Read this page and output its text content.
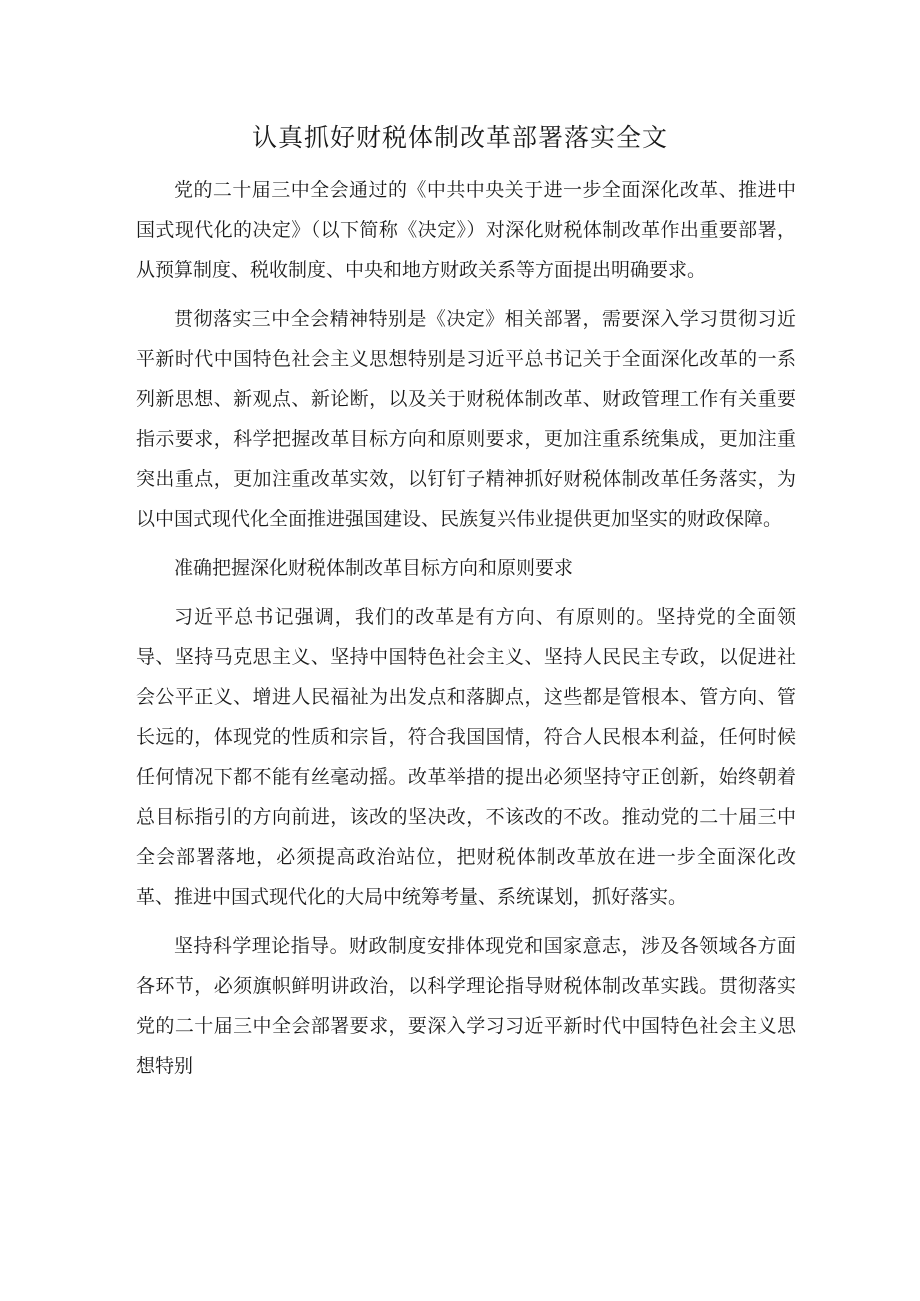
认真抓好财税体制改革部署落实全文

党的二十届三中全会通过的《中共中央关于进一步全面深化改革、推进中国式现代化的决定》（以下简称《决定》）对深化财税体制改革作出重要部署，从预算制度、税收制度、中央和地方财政关系等方面提出明确要求。

贯彻落实三中全会精神特别是《决定》相关部署，需要深入学习贯彻习近平新时代中国特色社会主义思想特别是习近平总书记关于全面深化改革的一系列新思想、新观点、新论断，以及关于财税体制改革、财政管理工作有关重要指示要求，科学把握改革目标方向和原则要求，更加注重系统集成，更加注重突出重点，更加注重改革实效，以钉钉子精神抓好财税体制改革任务落实，为以中国式现代化全面推进强国建设、民族复兴伟业提供更加坚实的财政保障。

准确把握深化财税体制改革目标方向和原则要求

习近平总书记强调，我们的改革是有方向、有原则的。坚持党的全面领导、坚持马克思主义、坚持中国特色社会主义、坚持人民民主专政，以促进社会公平正义、增进人民福祉为出发点和落脚点，这些都是管根本、管方向、管长远的，体现党的性质和宗旨，符合我国国情，符合人民根本利益，任何时候任何情况下都不能有丝毫动摇。改革举措的提出必须坚持守正创新，始终朝着总目标指引的方向前进，该改的坚决改，不该改的不改。推动党的二十届三中全会部署落地，必须提高政治站位，把财税体制改革放在进一步全面深化改革、推进中国式现代化的大局中统筹考量、系统谋划，抓好落实。

坚持科学理论指导。财政制度安排体现党和国家意志，涉及各领域各方面各环节，必须旗帜鲜明讲政治，以科学理论指导财税体制改革实践。贯彻落实党的二十届三中全会部署要求，要深入学习习近平新时代中国特色社会主义思想特别
